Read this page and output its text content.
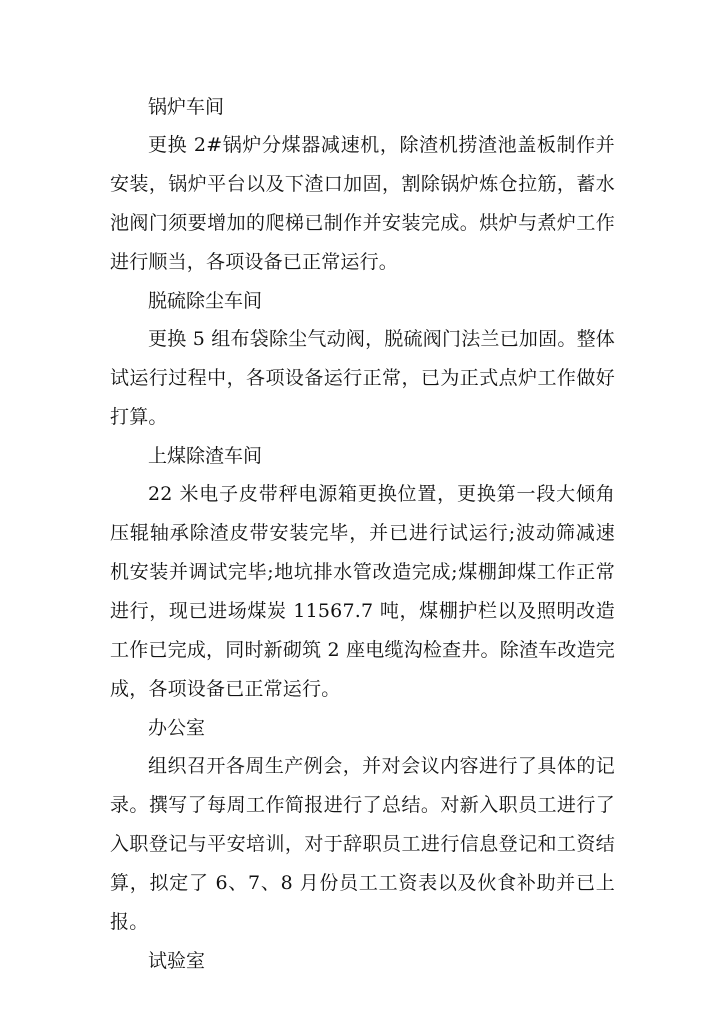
锅炉车间

更换 2#锅炉分煤器减速机，除渣机捞渣池盖板制作并安装，锅炉平台以及下渣口加固，割除锅炉炼仓拉筋，蓄水池阀门须要增加的爬梯已制作并安装完成。烘炉与煮炉工作进行顺当，各项设备已正常运行。

脱硫除尘车间

更换 5 组布袋除尘气动阀，脱硫阀门法兰已加固。整体试运行过程中，各项设备运行正常，已为正式点炉工作做好打算。

上煤除渣车间

22 米电子皮带秤电源箱更换位置，更换第一段大倾角压辊轴承除渣皮带安装完毕，并已进行试运行;波动筛减速机安装并调试完毕;地坑排水管改造完成;煤棚卸煤工作正常进行，现已进场煤炭 11567.7 吨，煤棚护栏以及照明改造工作已完成，同时新砌筑 2 座电缆沟检查井。除渣车改造完成，各项设备已正常运行。

办公室

组织召开各周生产例会，并对会议内容进行了具体的记录。撰写了每周工作简报进行了总结。对新入职员工进行了入职登记与平安培训，对于辞职员工进行信息登记和工资结算，拟定了 6、7、8 月份员工工资表以及伙食补助并已上报。

试验室
